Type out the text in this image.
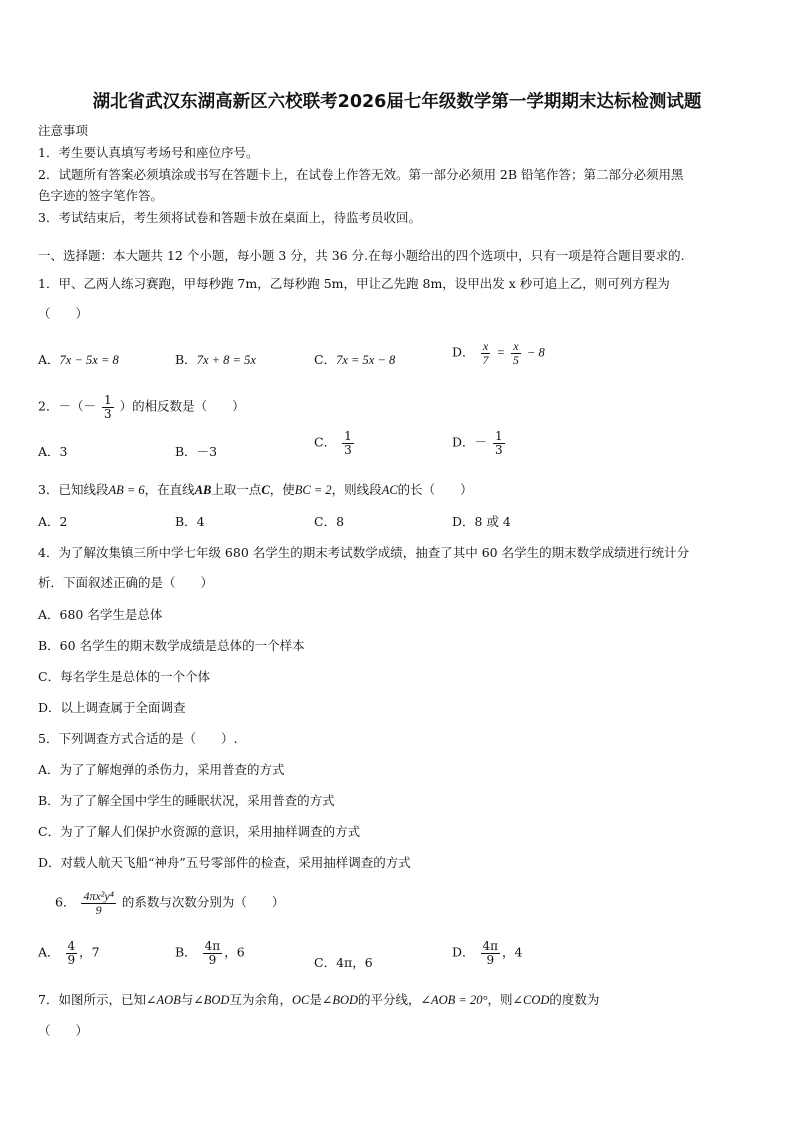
湖北省武汉东湖高新区六校联考2026届七年级数学第一学期期末达标检测试题
注意事项
1．考生要认真填写考场号和座位序号。
2．试题所有答案必须填涂或书写在答题卡上，在试卷上作答无效。第一部分必须用 2B 铅笔作答；第二部分必须用黑
色字迹的签字笔作答。
3．考试结束后，考生须将试卷和答题卡放在桌面上，待监考员收回。
一、选择题：本大题共 12 个小题，每小题 3 分，共 36 分.在每小题给出的四个选项中，只有一项是符合题目要求的.
1．甲、乙两人练习赛跑，甲每秒跑 7m，乙每秒跑 5m，甲让乙先跑 8m，设甲出发 x 秒可追上乙，则可列方程为
（　　）
A．7x − 5x = 8	B．7x + 8 = 5x	C．7x = 5x − 8
D． $\frac{x}{7} = \frac{x}{5} - 8$
2．－（－ $\frac{1}{3}$ ）的相反数是（　　）
A．3	B．－3
C． $\frac{1}{3}$	D．－ $\frac{1}{3}$
3．已知线段AB = 6，在直线AB上取一点C，使BC = 2，则线段AC的长（　　）
A．2	B．4	C．8	D．8 或 4
4．为了解汝集镇三所中学七年级 680 名学生的期末考试数学成绩，抽查了其中 60 名学生的期末数学成绩进行统计分
析．下面叙述正确的是（　　）
A．680 名学生是总体
B．60 名学生的期末数学成绩是总体的一个样本
C．每名学生是总体的一个个体
D．以上调查属于全面调查
5．下列调查方式合适的是（　　）.
A．为了了解炮弹的杀伤力，采用普查的方式
B．为了了解全国中学生的睡眠状况，采用普查的方式
C．为了了解人们保护水资源的意识，采用抽样调查的方式
D．对载人航天飞船“神舟”五号零部件的检查，采用抽样调查的方式
6． $\frac{\text{4πx²y⁴}}{9}$ 的系数与次数分别为（　　）
A． $\frac{4}{9}$ ，7	B． $\frac{4\pi}{9}$ ，6
C．4π，6
D． $\frac{4\pi}{9}$ ，4
7．如图所示，已知∠AOB与∠BOD互为余角，OC是∠BOD的平分线，∠AOB = 20°，则∠COD的度数为
（　　）
